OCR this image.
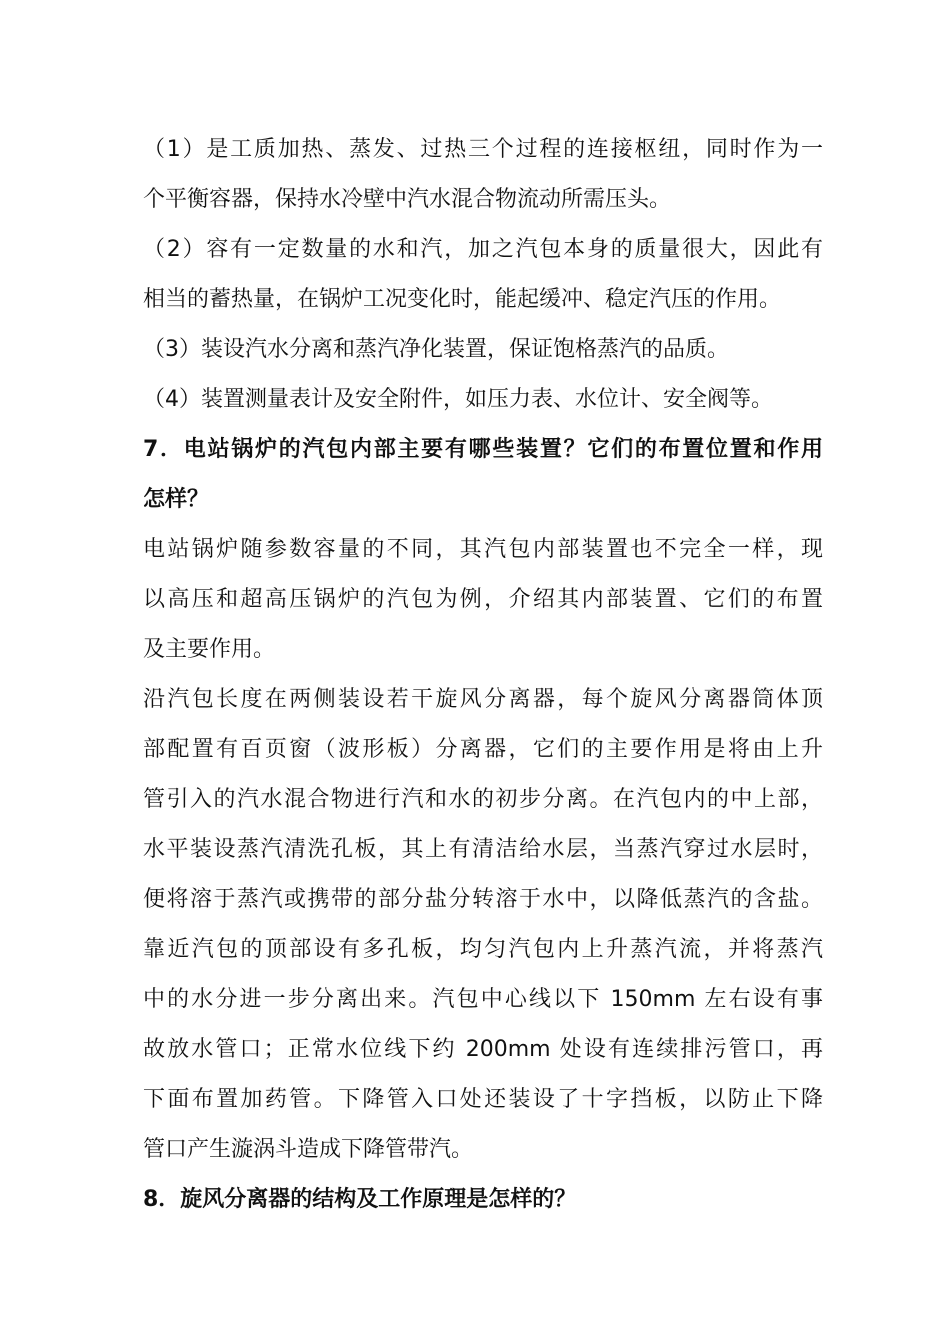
（1）是工质加热、蒸发、过热三个过程的连接枢纽，同时作为一
个平衡容器，保持水冷壁中汽水混合物流动所需压头。
（2）容有一定数量的水和汽，加之汽包本身的质量很大，因此有
相当的蓄热量，在锅炉工况变化时，能起缓冲、稳定汽压的作用。
（3）装设汽水分离和蒸汽净化装置，保证饱格蒸汽的品质。
（4）装置测量表计及安全附件，如压力表、水位计、安全阀等。
7．电站锅炉的汽包内部主要有哪些装置？它们的布置位置和作用
怎样？
电站锅炉随参数容量的不同，其汽包内部装置也不完全一样，现
以高压和超高压锅炉的汽包为例，介绍其内部装置、它们的布置
及主要作用。
沿汽包长度在两侧装设若干旋风分离器，每个旋风分离器筒体顶
部配置有百页窗（波形板）分离器，它们的主要作用是将由上升
管引入的汽水混合物进行汽和水的初步分离。在汽包内的中上部，
水平装设蒸汽清洗孔板，其上有清洁给水层，当蒸汽穿过水层时，
便将溶于蒸汽或携带的部分盐分转溶于水中，以降低蒸汽的含盐。
靠近汽包的顶部设有多孔板，均匀汽包内上升蒸汽流，并将蒸汽
中的水分进一步分离出来。汽包中心线以下 150mm 左右设有事
故放水管口；正常水位线下约 200mm 处设有连续排污管口，再
下面布置加药管。下降管入口处还装设了十字挡板，以防止下降
管口产生漩涡斗造成下降管带汽。
8．旋风分离器的结构及工作原理是怎样的？
